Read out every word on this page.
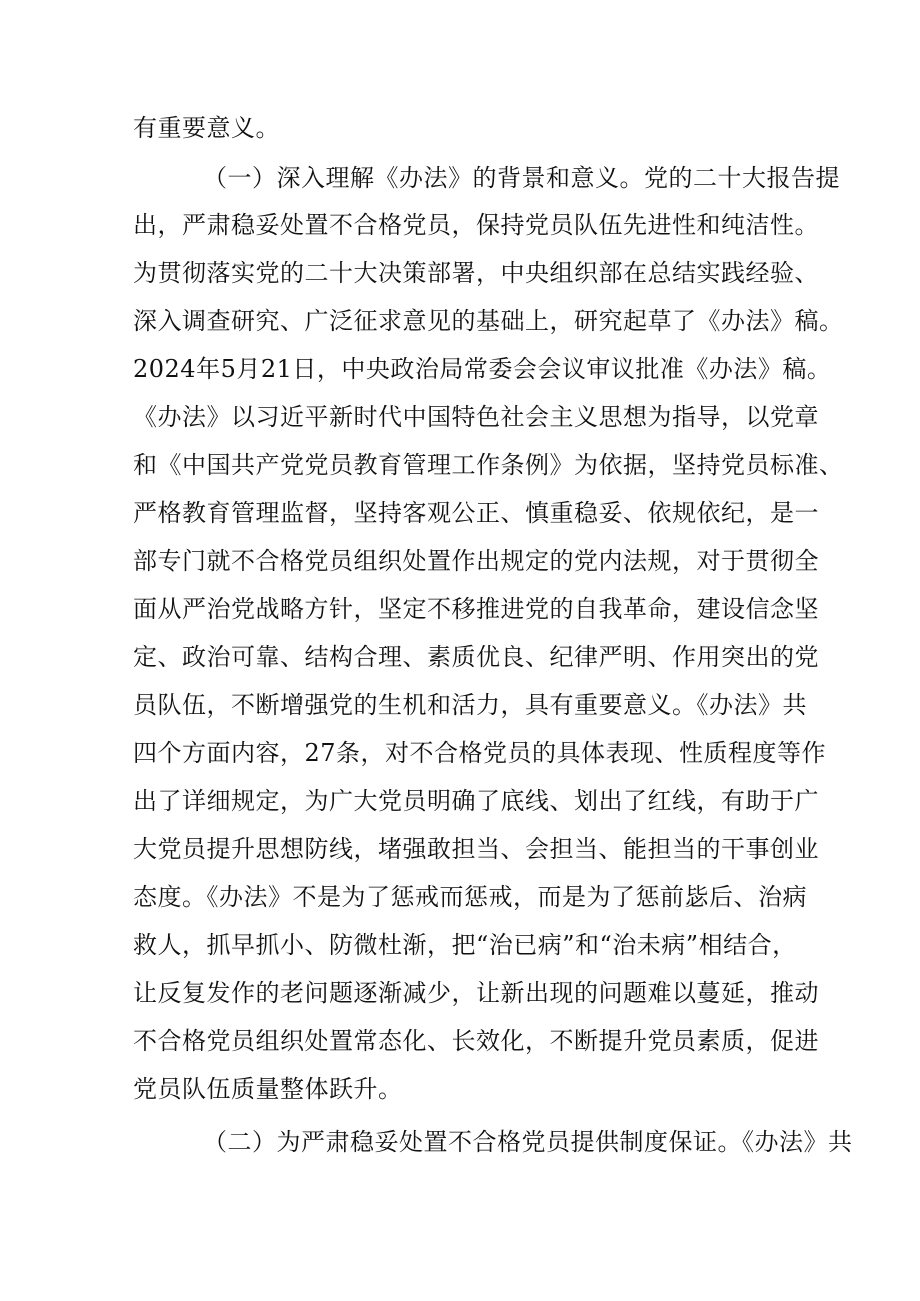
有重要意义。
（一）深入理解《办法》的背景和意义。党的二十大报告提
出，严肃稳妥处置不合格党员，保持党员队伍先进性和纯洁性。
为贯彻落实党的二十大决策部署，中央组织部在总结实践经验、
深入调查研究、广泛征求意见的基础上，研究起草了《办法》稿。
2024年5月21日，中央政治局常委会会议审议批准《办法》稿。
《办法》以习近平新时代中国特色社会主义思想为指导，以党章
和《中国共产党党员教育管理工作条例》为依据，坚持党员标准、
严格教育管理监督，坚持客观公正、慎重稳妥、依规依纪，是一
部专门就不合格党员组织处置作出规定的党内法规，对于贯彻全
面从严治党战略方针，坚定不移推进党的自我革命，建设信念坚
定、政治可靠、结构合理、素质优良、纪律严明、作用突出的党
员队伍，不断增强党的生机和活力，具有重要意义。《办法》共
四个方面内容，27条，对不合格党员的具体表现、性质程度等作
出了详细规定，为广大党员明确了底线、划出了红线，有助于广
大党员提升思想防线，堵强敢担当、会担当、能担当的干事创业
态度。《办法》不是为了惩戒而惩戒，而是为了惩前毖后、治病
救人，抓早抓小、防微杜渐，把“治已病”和“治未病”相结合，
让反复发作的老问题逐渐减少，让新出现的问题难以蔓延，推动
不合格党员组织处置常态化、长效化，不断提升党员素质，促进
党员队伍质量整体跃升。
（二）为严肃稳妥处置不合格党员提供制度保证。《办法》共
